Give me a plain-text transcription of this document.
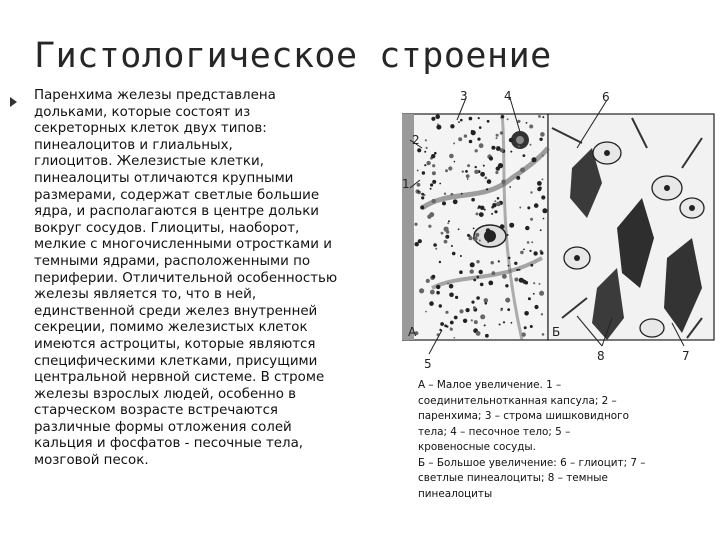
Гистологическое строение
Паренхима железы представлена
дольками, которые состоят из
секреторных клеток двух типов:
пинеалоцитов и глиальных,
глиоцитов. Железистые клетки,
пинеалоциты отличаются крупными
размерами, содержат светлые большие
ядра, и располагаются в центре дольки
вокруг сосудов. Глиоциты, наоборот,
мелкие с многочисленными отростками и
темными ядрами, расположенными по
периферии. Отличительной особенностью
железы является то, что в ней,
единственной среди желез внутренней
секреции, помимо железистых клеток
имеются астроциты, которые являются
специфическими клетками, присущими
центральной нервной системе. В строме
железы взрослых людей, особенно в
старческом возрасте встречаются
различные формы отложения солей
кальция и фосфатов - песочные тела,
мозговой песок.
3	4	6
2
1
А	Б
5
8	7
А – Малое увеличение. 1 –
соединительнотканная капсула; 2 –
паренхима; 3 – строма шишковидного
тела; 4 – песочное тело; 5 –
кровеносные сосуды.
Б – Большое увеличение: 6 – глиоцит; 7 –
светлые пинеалоциты; 8 – темные
пинеалоциты
